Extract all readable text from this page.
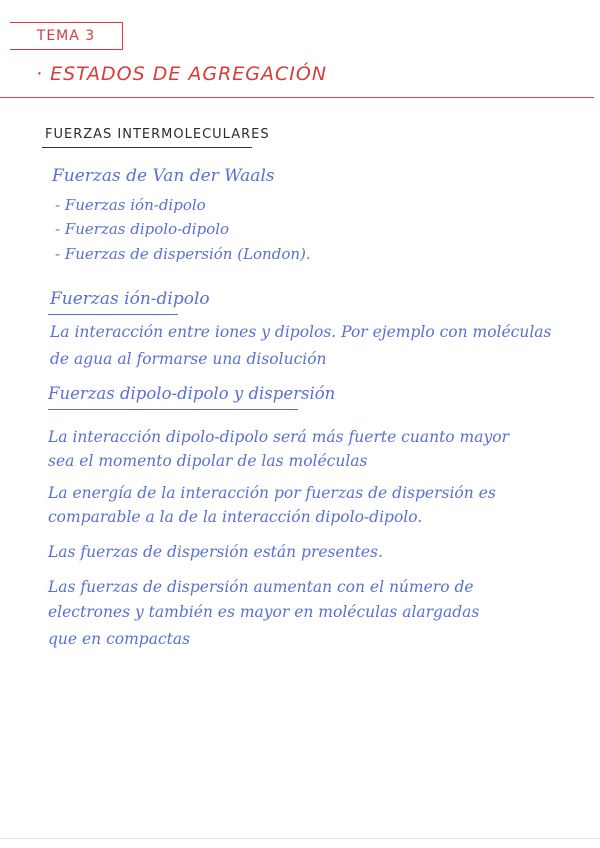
TEMA 3
· ESTADOS DE AGREGACIÓN
FUERZAS INTERMOLECULARES
Fuerzas de Van der Waals
- Fuerzas ión-dipolo
- Fuerzas dipolo-dipolo
- Fuerzas de dispersión (London).
Fuerzas ión-dipolo
La interacción entre iones y dipolos. Por ejemplo con moléculas
de agua al formarse una disolución
Fuerzas dipolo-dipolo y dispersión
La interacción dipolo-dipolo será más fuerte cuanto mayor
sea el momento dipolar de las moléculas
La energía de la interacción por fuerzas de dispersión es
comparable a la de la interacción dipolo-dipolo.
Las fuerzas de dispersión están presentes.
Las fuerzas de dispersión aumentan con el número de
electrones y también es mayor en moléculas alargadas
que en compactas
